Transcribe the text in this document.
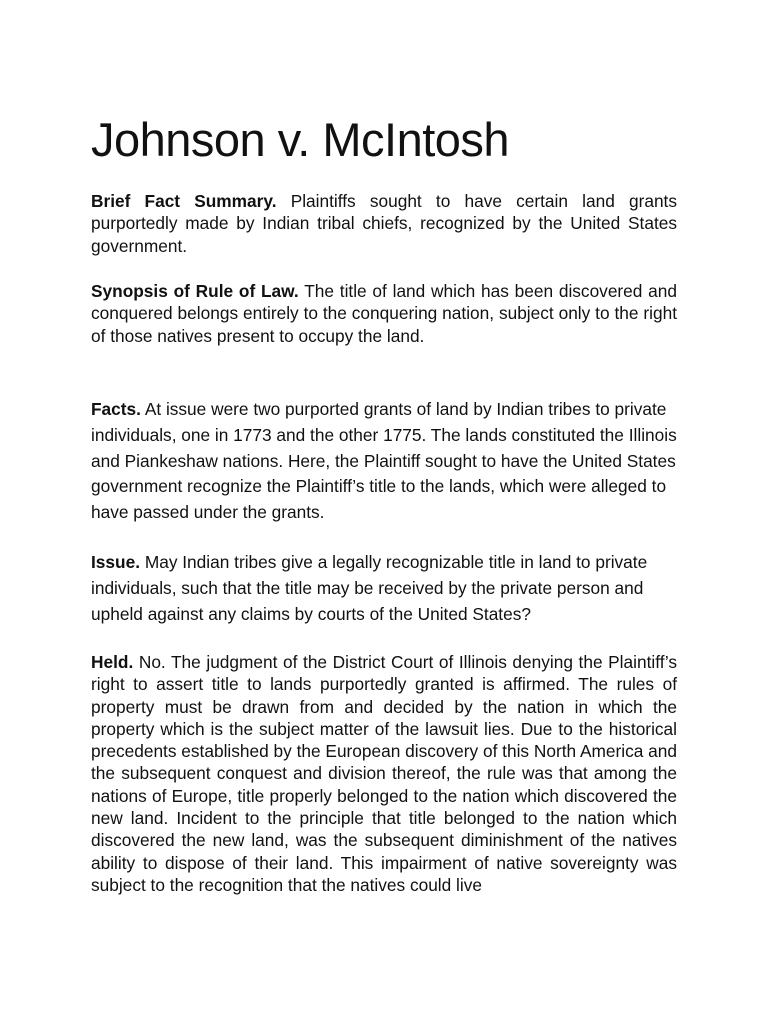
Johnson v. McIntosh

Brief Fact Summary. Plaintiffs sought to have certain land grants purportedly made by Indian tribal chiefs, recognized by the United States government.

Synopsis of Rule of Law. The title of land which has been discovered and conquered belongs entirely to the conquering nation, subject only to the right of those natives present to occupy the land.

Facts. At issue were two purported grants of land by Indian tribes to private individuals, one in 1773 and the other 1775. The lands constituted the Illinois and Piankeshaw nations. Here, the Plaintiff sought to have the United States government recognize the Plaintiff’s title to the lands, which were alleged to have passed under the grants.

Issue. May Indian tribes give a legally recognizable title in land to private individuals, such that the title may be received by the private person and upheld against any claims by courts of the United States?

Held. No. The judgment of the District Court of Illinois denying the Plaintiff’s right to assert title to lands purportedly granted is affirmed. The rules of property must be drawn from and decided by the nation in which the property which is the subject matter of the lawsuit lies. Due to the historical precedents established by the European discovery of this North America and the subsequent conquest and division thereof, the rule was that among the nations of Europe, title properly belonged to the nation which discovered the new land. Incident to the principle that title belonged to the nation which discovered the new land, was the subsequent diminishment of the natives ability to dispose of their land. This impairment of native sovereignty was subject to the recognition that the natives could live
